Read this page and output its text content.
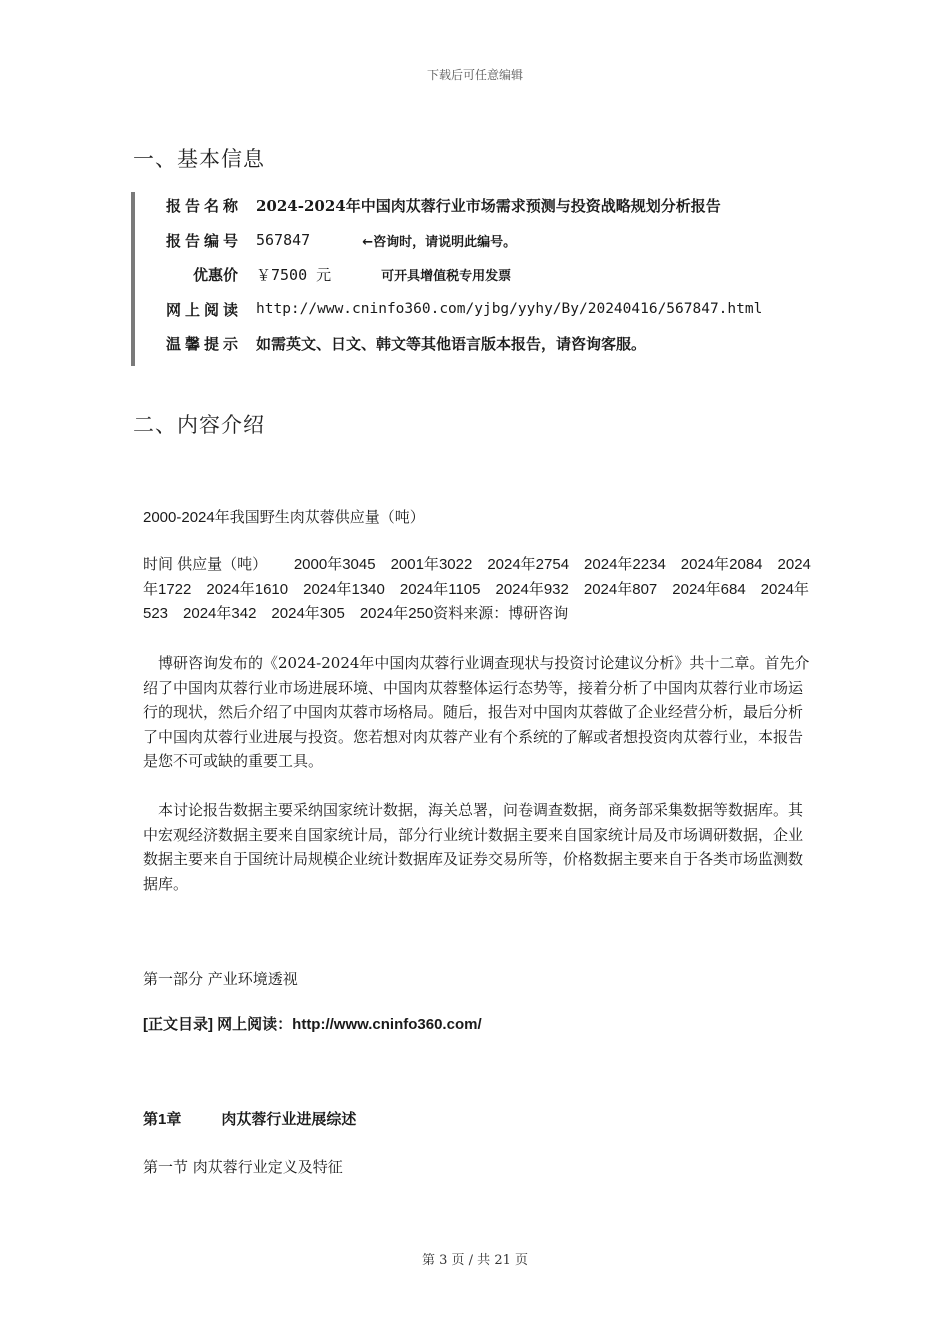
下载后可任意编辑
一、基本信息
报告名称 2024-2024年中国肉苁蓉行业市场需求预测与投资战略规划分析报告
报告编号 567847	←咨询时，请说明此编号。
优惠价 ￥7500 元	可开具增值税专用发票
网上阅读 http://www.cninfo360.com/yjbg/yyhy/By/20240416/567847.html
温馨提示 如需英文、日文、韩文等其他语言版本报告，请咨询客服。
二、内容介绍
2000-2024年我国野生肉苁蓉供应量（吨）
时间 供应量（吨）　　 2000年3045　2001年3022　2024年2754　2024年2234　2024年2084　2024年1722　2024年1610　2024年1340　2024年1105　2024年932　2024年807　2024年684　2024年523　2024年342　2024年305　2024年250资料来源：博研咨询
博研咨询发布的《2024-2024年中国肉苁蓉行业调查现状与投资讨论建议分析》共十二章。首先介绍了中国肉苁蓉行业市场进展环境、中国肉苁蓉整体运行态势等，接着分析了中国肉苁蓉行业市场运行的现状，然后介绍了中国肉苁蓉市场格局。随后，报告对中国肉苁蓉做了企业经营分析，最后分析了中国肉苁蓉行业进展与投资。您若想对肉苁蓉产业有个系统的了解或者想投资肉苁蓉行业，本报告是您不可或缺的重要工具。
本讨论报告数据主要采纳国家统计数据，海关总署，问卷调查数据，商务部采集数据等数据库。其中宏观经济数据主要来自国家统计局，部分行业统计数据主要来自国家统计局及市场调研数据，企业数据主要来自于国统计局规模企业统计数据库及证券交易所等，价格数据主要来自于各类市场监测数据库。
第一部分 产业环境透视
[正文目录] 网上阅读：http://www.cninfo360.com/
第1章	肉苁蓉行业进展综述
第一节 肉苁蓉行业定义及特征
第 3 页 / 共 21 页
